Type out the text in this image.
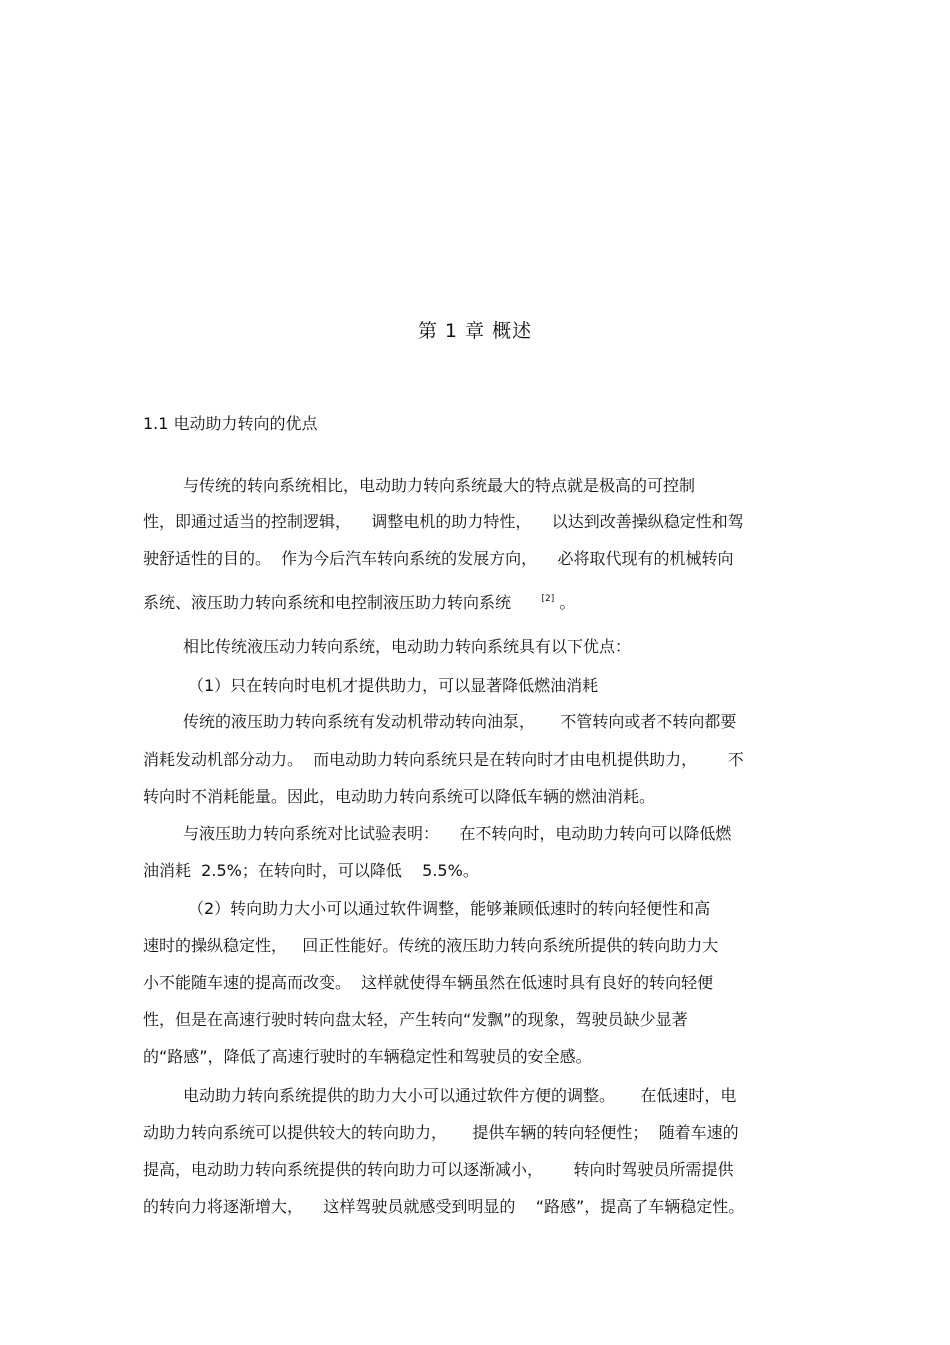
第 1 章 概述
1.1 电动助力转向的优点
与传统的转向系统相比，电动助力转向系统最大的特点就是极高的可控制
性，即通过适当的控制逻辑，    调整电机的助力特性，    以达到改善操纵稳定性和驾
驶舒适性的目的。  作为今后汽车转向系统的发展方向，    必将取代现有的机械转向
系统、液压助力转向系统和电控制液压助力转向系统	[2] 。
相比传统液压动力转向系统，电动助力转向系统具有以下优点：
（1）只在转向时电机才提供助力，可以显著降低燃油消耗
传统的液压助力转向系统有发动机带动转向油泵，     不管转向或者不转向都要
消耗发动机部分动力。  而电动助力转向系统只是在转向时才由电机提供助力，      不
转向时不消耗能量。因此，电动助力转向系统可以降低车辆的燃油消耗。
与液压助力转向系统对比试验表明：    在不转向时，电动助力转向可以降低燃
油消耗  2.5%；在转向时，可以降低    5.5%。
（2）转向助力大小可以通过软件调整，能够兼顾低速时的转向轻便性和高
速时的操纵稳定性，   回正性能好。传统的液压助力转向系统所提供的转向助力大
小不能随车速的提高而改变。  这样就使得车辆虽然在低速时具有良好的转向轻便
性，但是在高速行驶时转向盘太轻，产生转向“发飘”的现象，驾驶员缺少显著
的“路感”，降低了高速行驶时的车辆稳定性和驾驶员的安全感。
电动助力转向系统提供的助力大小可以通过软件方便的调整。     在低速时，电
动助力转向系统可以提供较大的转向助力，     提供车辆的转向轻便性；  随着车速的
提高，电动助力转向系统提供的转向助力可以逐渐减小，      转向时驾驶员所需提供
的转向力将逐渐增大，    这样驾驶员就感受到明显的    “路感”，提高了车辆稳定性。
